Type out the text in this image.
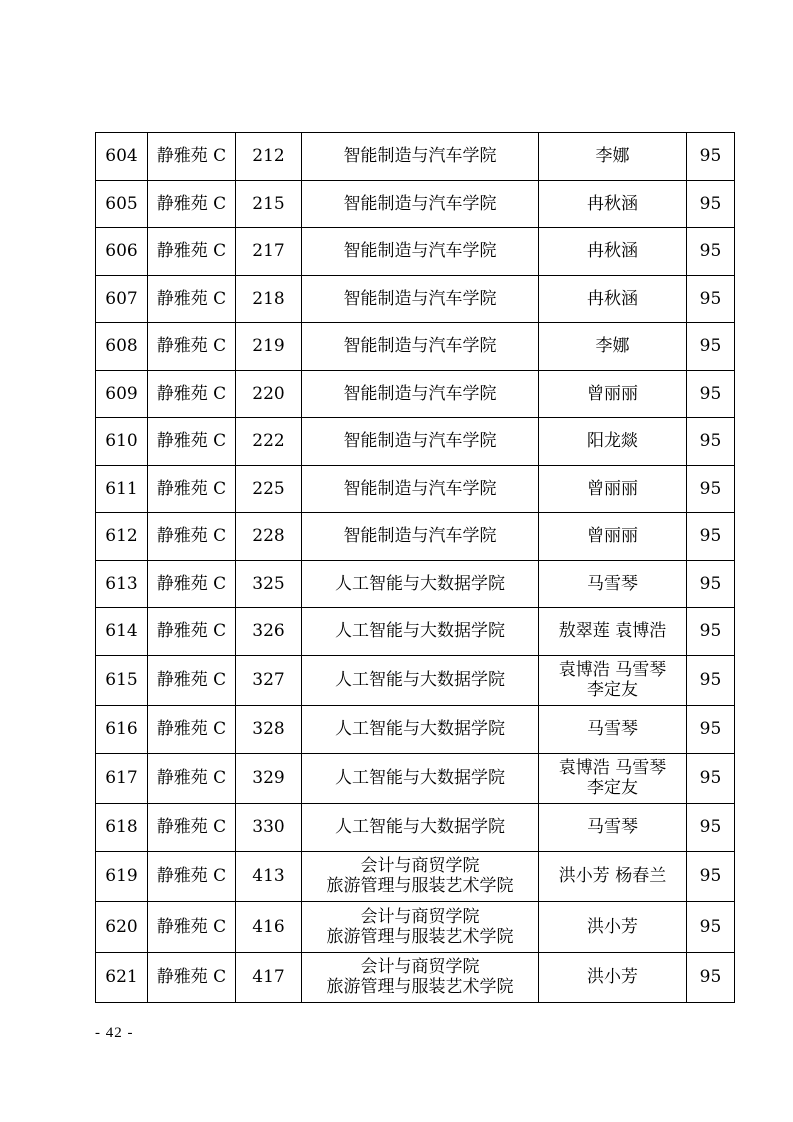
604	静雅苑 C	212	智能制造与汽车学院	李娜	95
605	静雅苑 C	215	智能制造与汽车学院	冉秋涵	95
606	静雅苑 C	217	智能制造与汽车学院	冉秋涵	95
607	静雅苑 C	218	智能制造与汽车学院	冉秋涵	95
608	静雅苑 C	219	智能制造与汽车学院	李娜	95
609	静雅苑 C	220	智能制造与汽车学院	曾丽丽	95
610	静雅苑 C	222	智能制造与汽车学院	阳龙燚	95
611	静雅苑 C	225	智能制造与汽车学院	曾丽丽	95
612	静雅苑 C	228	智能制造与汽车学院	曾丽丽	95
613	静雅苑 C	325	人工智能与大数据学院	马雪琴	95
614	静雅苑 C	326	人工智能与大数据学院	敖翠莲 袁博浩	95
615	静雅苑 C	327	人工智能与大数据学院	袁博浩 马雪琴
李定友	95
616	静雅苑 C	328	人工智能与大数据学院	马雪琴	95
617	静雅苑 C	329	人工智能与大数据学院	袁博浩 马雪琴
李定友	95
618	静雅苑 C	330	人工智能与大数据学院	马雪琴	95
619	静雅苑 C	413	会计与商贸学院
旅游管理与服装艺术学院	洪小芳 杨春兰	95
620	静雅苑 C	416	会计与商贸学院
旅游管理与服装艺术学院	洪小芳	95
621	静雅苑 C	417	会计与商贸学院
旅游管理与服装艺术学院	洪小芳	95
- 42 -
